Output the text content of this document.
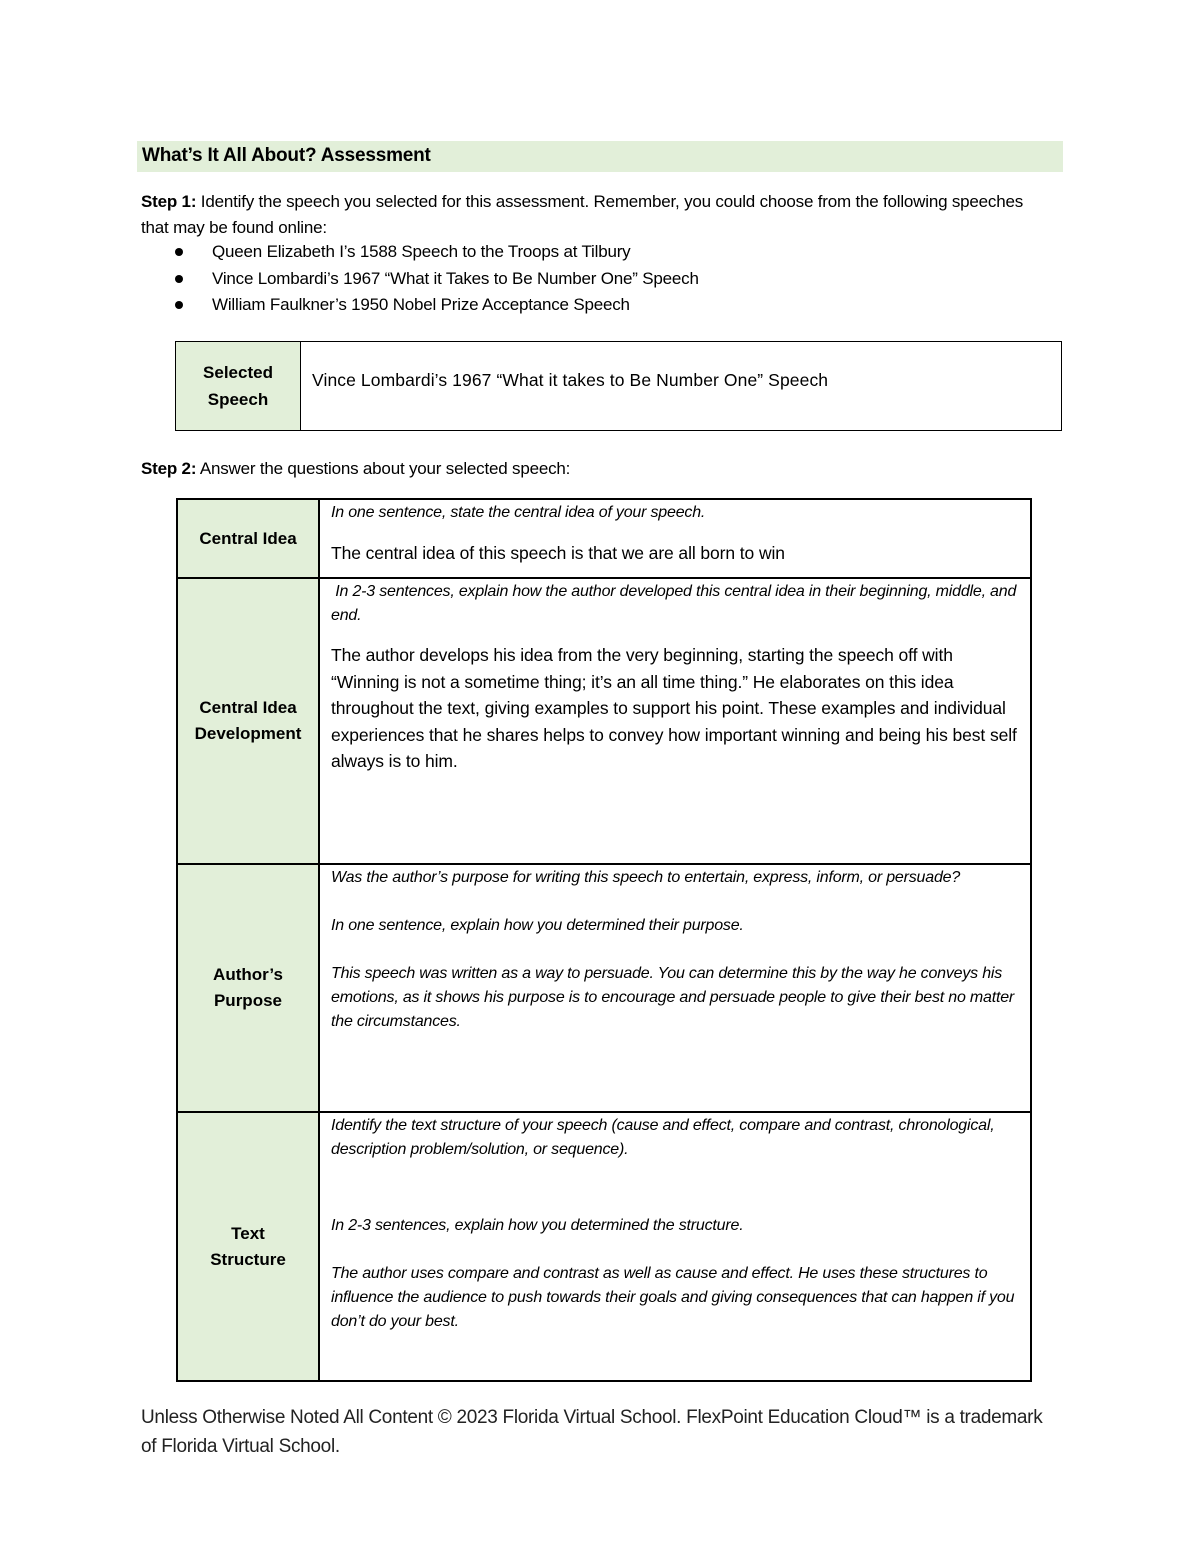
What’s It All About? Assessment
Step 1: Identify the speech you selected for this assessment. Remember, you could choose from the following speeches that may be found online:
Queen Elizabeth I’s 1588 Speech to the Troops at Tilbury
Vince Lombardi’s 1967 “What it Takes to Be Number One” Speech
William Faulkner’s 1950 Nobel Prize Acceptance Speech
Selected
Speech
Vince Lombardi’s 1967 “What it takes to Be Number One” Speech
Step 2: Answer the questions about your selected speech:
Central Idea
In one sentence, state the central idea of your speech.
The central idea of this speech is that we are all born to win
Central Idea
Development
In 2-3 sentences, explain how the author developed this central idea in their beginning, middle, and end.
The author develops his idea from the very beginning, starting the speech off with “Winning is not a sometime thing; it’s an all time thing.” He elaborates on this idea throughout the text, giving examples to support his point. These examples and individual experiences that he shares helps to convey how important winning and being his best self always is to him.
Author’s
Purpose
Was the author’s purpose for writing this speech to entertain, express, inform, or persuade?
In one sentence, explain how you determined their purpose.
This speech was written as a way to persuade. You can determine this by the way he conveys his emotions, as it shows his purpose is to encourage and persuade people to give their best no matter the circumstances.
Text
Structure
Identify the text structure of your speech (cause and effect, compare and contrast, chronological, description problem/solution, or sequence).
In 2-3 sentences, explain how you determined the structure.
The author uses compare and contrast as well as cause and effect. He uses these structures to influence the audience to push towards their goals and giving consequences that can happen if you don’t do your best.
Unless Otherwise Noted All Content © 2023 Florida Virtual School. FlexPoint Education Cloud™ is a trademark of Florida Virtual School.
